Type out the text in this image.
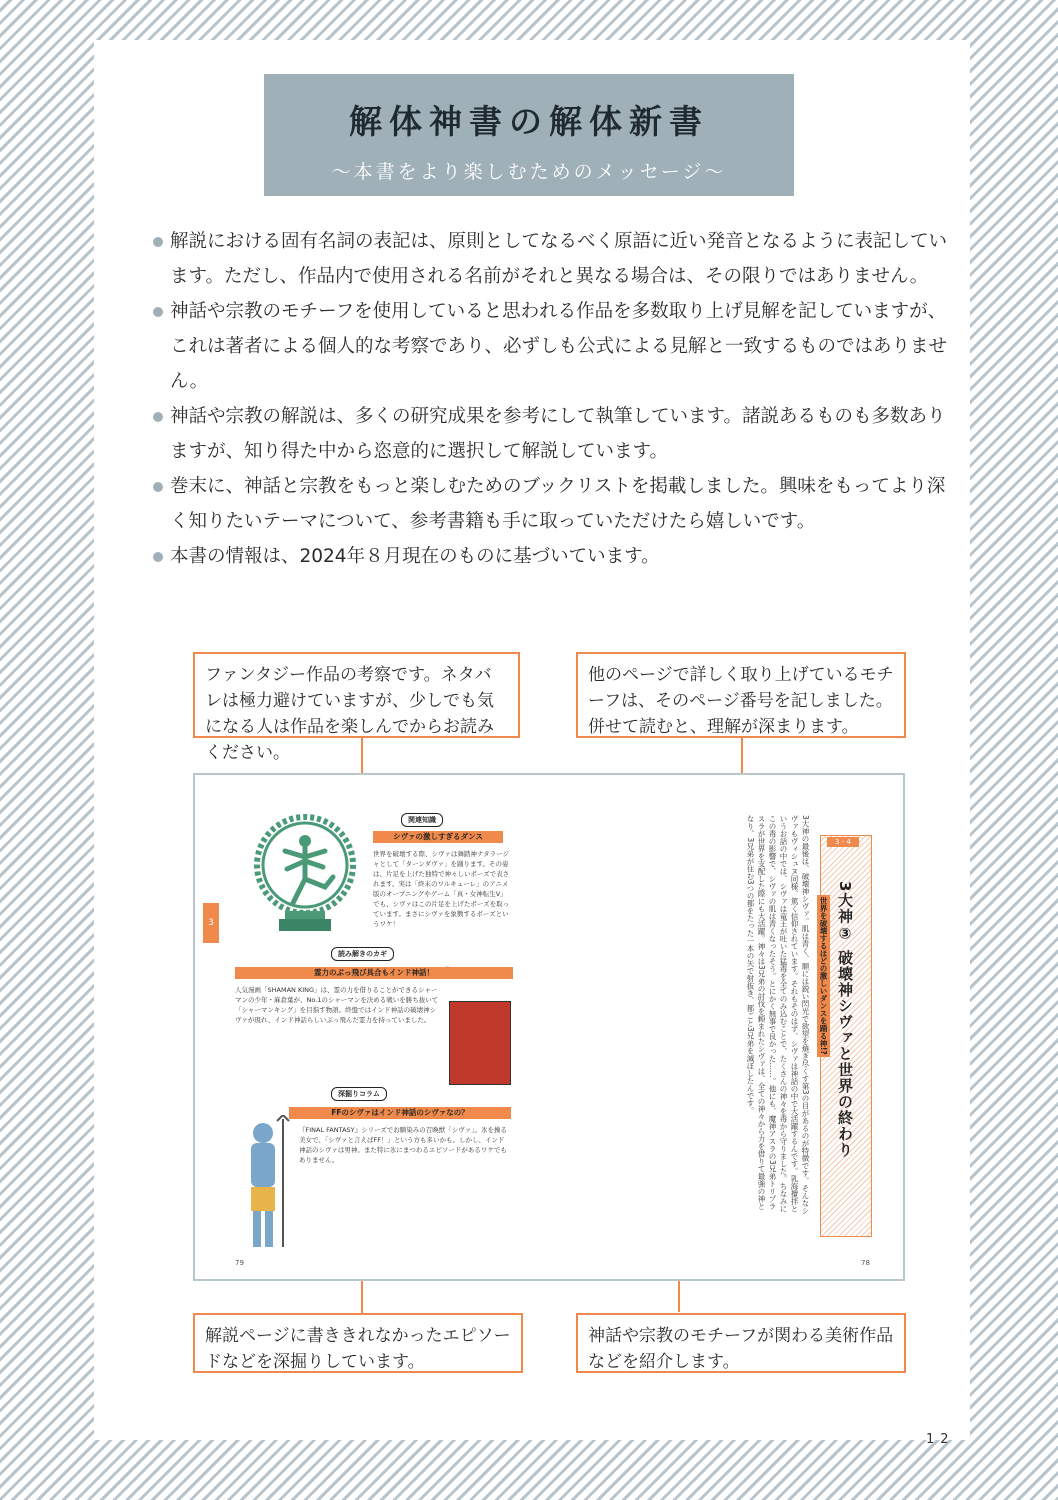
解体神書の解体新書
〜本書をより楽しむためのメッセージ〜
解説における固有名詞の表記は、原則としてなるべく原語に近い発音となるように表記しています。ただし、作品内で使用される名前がそれと異なる場合は、その限りではありません。
神話や宗教のモチーフを使用していると思われる作品を多数取り上げ見解を記していますが、これは著者による個人的な考察であり、必ずしも公式による見解と一致するものではありません。
神話や宗教の解説は、多くの研究成果を参考にして執筆しています。諸説あるものも多数ありますが、知り得た中から恣意的に選択して解説しています。
巻末に、神話と宗教をもっと楽しむためのブックリストを掲載しました。興味をもってより深く知りたいテーマについて、参考書籍も手に取っていただけたら嬉しいです。
本書の情報は、2024年８月現在のものに基づいています。
ファンタジー作品の考察です。ネタバレは極力避けていますが、少しでも気になる人は作品を楽しんでからお読みください。
他のページで詳しく取り上げているモチーフは、そのページ番号を記しました。併せて読むと、理解が深まります。
3
関連知識
シヴァの激しすぎるダンス
世界を破壊する際、シヴァは舞踏神ナタラージャとして「ターンダヴァ」を踊ります。その姿は、片足を上げた独特で神々しいポーズで表されます。実は「終末のワルキューレ」のアニメ版のオープニングやゲーム「真・女神転生V」でも、シヴァはこの片足を上げたポーズを取っています。まさにシヴァを象徴するポーズというワケ！
読み解きのカギ
霊力のぶっ飛び具合もインド神話！
人気漫画「SHAMAN KING」は、霊の力を借りることができるシャーマンの少年・麻倉葉が、No.1のシャーマンを決める戦いを勝ち抜いて「シャーマンキング」を目指す物語。終盤ではインド神話の破壊神シヴァが現れ、インド神話らしいぶっ飛んだ霊力を持っていました。
深掘りコラム
FFのシヴァはインド神話のシヴァなの？
『FINAL FANTASY』シリーズでお馴染みの召喚獣「シヴァ」。氷を操る美女で、「シヴァと言えばFF！」という方も多いかも。しかし、インド神話のシヴァは男神。また特に氷にまつわるエピソードがあるワケでもありません。
79
3 - 4
3大神③ 破壊神シヴァと世界の終わり
世界を破壊するほどの激しいダンスを踊る神!?
3大神の最後は、破壊神シヴァ。肌は青く、額には鋭い閃光で欲望を焼き尽くす第3の目があるのが特徴です。そんなシヴァもヴィシュヌ同様、篤く信仰されています。それもそのはず、シヴァは神話の中で大活躍するんです。乳海攪拌というお話の中では、シヴァは竜王が吐いた猛毒を全てのみ込むことで、たくさんの神々を毒から守りました。ちなみにこの毒の影響で、シヴァの肌は青くなったそう。とにかく無事で良かった……。他にも、魔神アスラの3兄弟トリプラスラが世界を支配した際にも大活躍。神々は3兄弟の討伐を頼まれたシヴァは、全ての神々から力を借りて最強の神となり、3兄弟が住む3つの都をたった一本の矢で射抜き、都ごと3兄弟を滅ぼしたんです。
78
解説ページに書ききれなかったエピソードなどを深掘りしています。
神話や宗教のモチーフが関わる美術作品などを紹介します。
12
